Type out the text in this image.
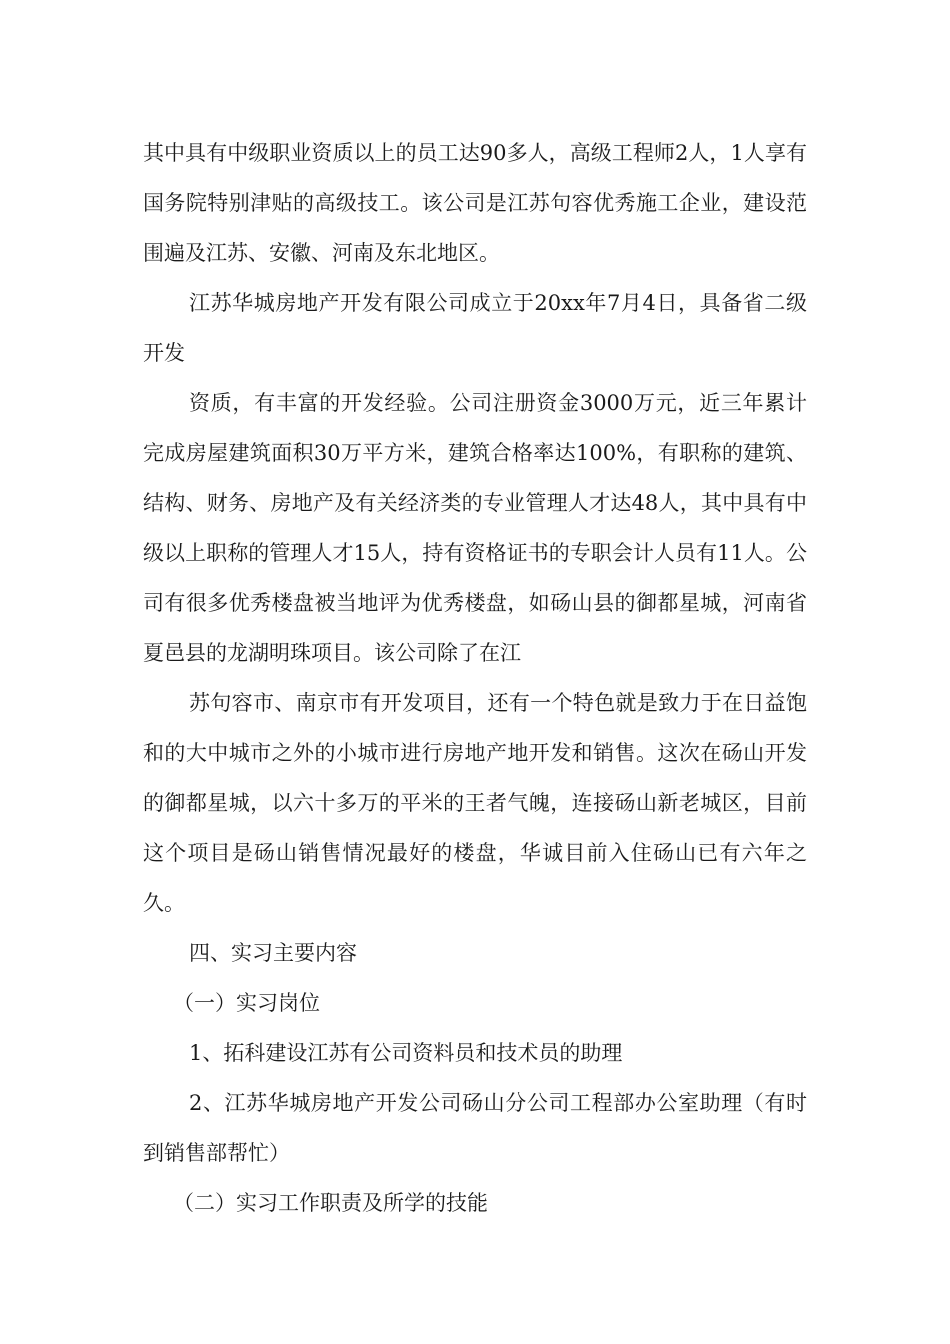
其中具有中级职业资质以上的员工达90多人，高级工程师2人，1人享有国务院特别津贴的高级技工。该公司是江苏句容优秀施工企业，建设范围遍及江苏、安徽、河南及东北地区。

江苏华城房地产开发有限公司成立于20xx年7月4日，具备省二级开发

资质，有丰富的开发经验。公司注册资金3000万元，近三年累计完成房屋建筑面积30万平方米，建筑合格率达100%，有职称的建筑、结构、财务、房地产及有关经济类的专业管理人才达48人，其中具有中级以上职称的管理人才15人，持有资格证书的专职会计人员有11人。公司有很多优秀楼盘被当地评为优秀楼盘，如砀山县的御都星城，河南省夏邑县的龙湖明珠项目。该公司除了在江

苏句容市、南京市有开发项目，还有一个特色就是致力于在日益饱和的大中城市之外的小城市进行房地产地开发和销售。这次在砀山开发的御都星城，以六十多万的平米的王者气魄，连接砀山新老城区，目前这个项目是砀山销售情况最好的楼盘，华诚目前入住砀山已有六年之久。

四、实习主要内容

（一）实习岗位

1、拓科建设江苏有公司资料员和技术员的助理

2、江苏华城房地产开发公司砀山分公司工程部办公室助理（有时到销售部帮忙）

（二）实习工作职责及所学的技能
